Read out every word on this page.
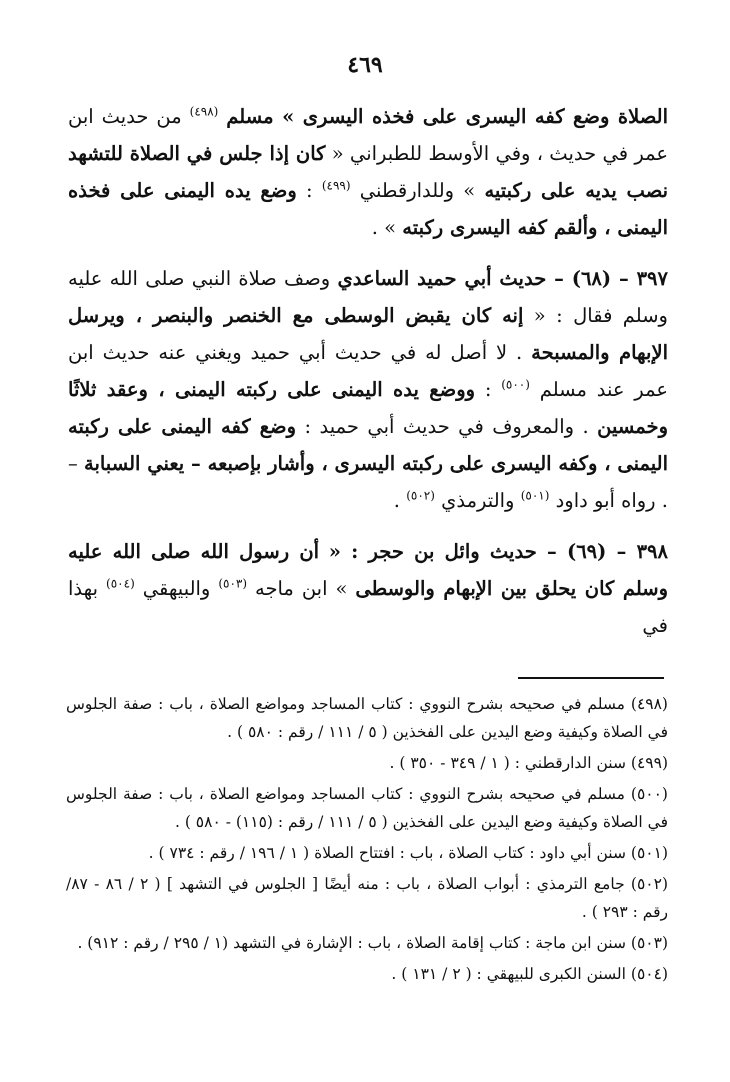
٤٦٩

الصلاة وضع كفه اليسرى على فخذه اليسرى » مسلم $^{(٤٩٨)}$ من حديث ابن عمر في حديث ، وفي الأوسط للطبراني « كان إذا جلس في الصلاة للتشهد نصب يديه على ركبتيه » وللدارقطني $^{(٤٩٩)}$ : وضع يده اليمنى على فخذه اليمنى ، وألقم كفه اليسرى ركبته » .

٣٩٧ – (٦٨) – حديث أبي حميد الساعدي وصف صلاة النبي صلى الله عليه وسلم فقال : « إنه كان يقبض الوسطى مع الخنصر والبنصر ، ويرسل الإبهام والمسبحة . لا أصل له في حديث أبي حميد ويغني عنه حديث ابن عمر عند مسلم $^{(٥٠٠)}$ : ووضع يده اليمنى على ركبته اليمنى ، وعقد ثلاثًا وخمسين . والمعروف في حديث أبي حميد : وضع كفه اليمنى على ركبته اليمنى ، وكفه اليسرى على ركبته اليسرى ، وأشار بإصبعه – يعني السبابة – . رواه أبو داود $^{(٥٠١)}$ والترمذي $^{(٥٠٢)}$ .

٣٩٨ – (٦٩) – حديث وائل بن حجر : « أن رسول الله صلى الله عليه وسلم كان يحلق بين الإبهام والوسطى » ابن ماجه $^{(٥٠٣)}$ والبيهقي $^{(٥٠٤)}$ بهذا في

(٤٩٨) مسلم في صحيحه بشرح النووي : كتاب المساجد ومواضع الصلاة ، باب : صفة الجلوس في الصلاة وكيفية وضع اليدين على الفخذين ( ٥ / ١١١ / رقم : ٥٨٠ ) .
(٤٩٩) سنن الدارقطني : ( ١ / ٣٤٩ - ٣٥٠ ) .
(٥٠٠) مسلم في صحيحه بشرح النووي : كتاب المساجد ومواضع الصلاة ، باب : صفة الجلوس في الصلاة وكيفية وضع اليدين على الفخذين ( ٥ / ١١١ / رقم : (١١٥) - ٥٨٠ ) .
(٥٠١) سنن أبي داود : كتاب الصلاة ، باب : افتتاح الصلاة ( ١ / ١٩٦ / رقم : ٧٣٤ ) .
(٥٠٢) جامع الترمذي : أبواب الصلاة ، باب : منه أيضًا [ الجلوس في التشهد ] ( ٢ / ٨٦ - ٨٧/ رقم : ٢٩٣ ) .
(٥٠٣) سنن ابن ماجة : كتاب إقامة الصلاة ، باب : الإشارة في التشهد (١ / ٢٩٥ / رقم : ٩١٢) .
(٥٠٤) السنن الكبرى للبيهقي : ( ٢ / ١٣١ ) .
